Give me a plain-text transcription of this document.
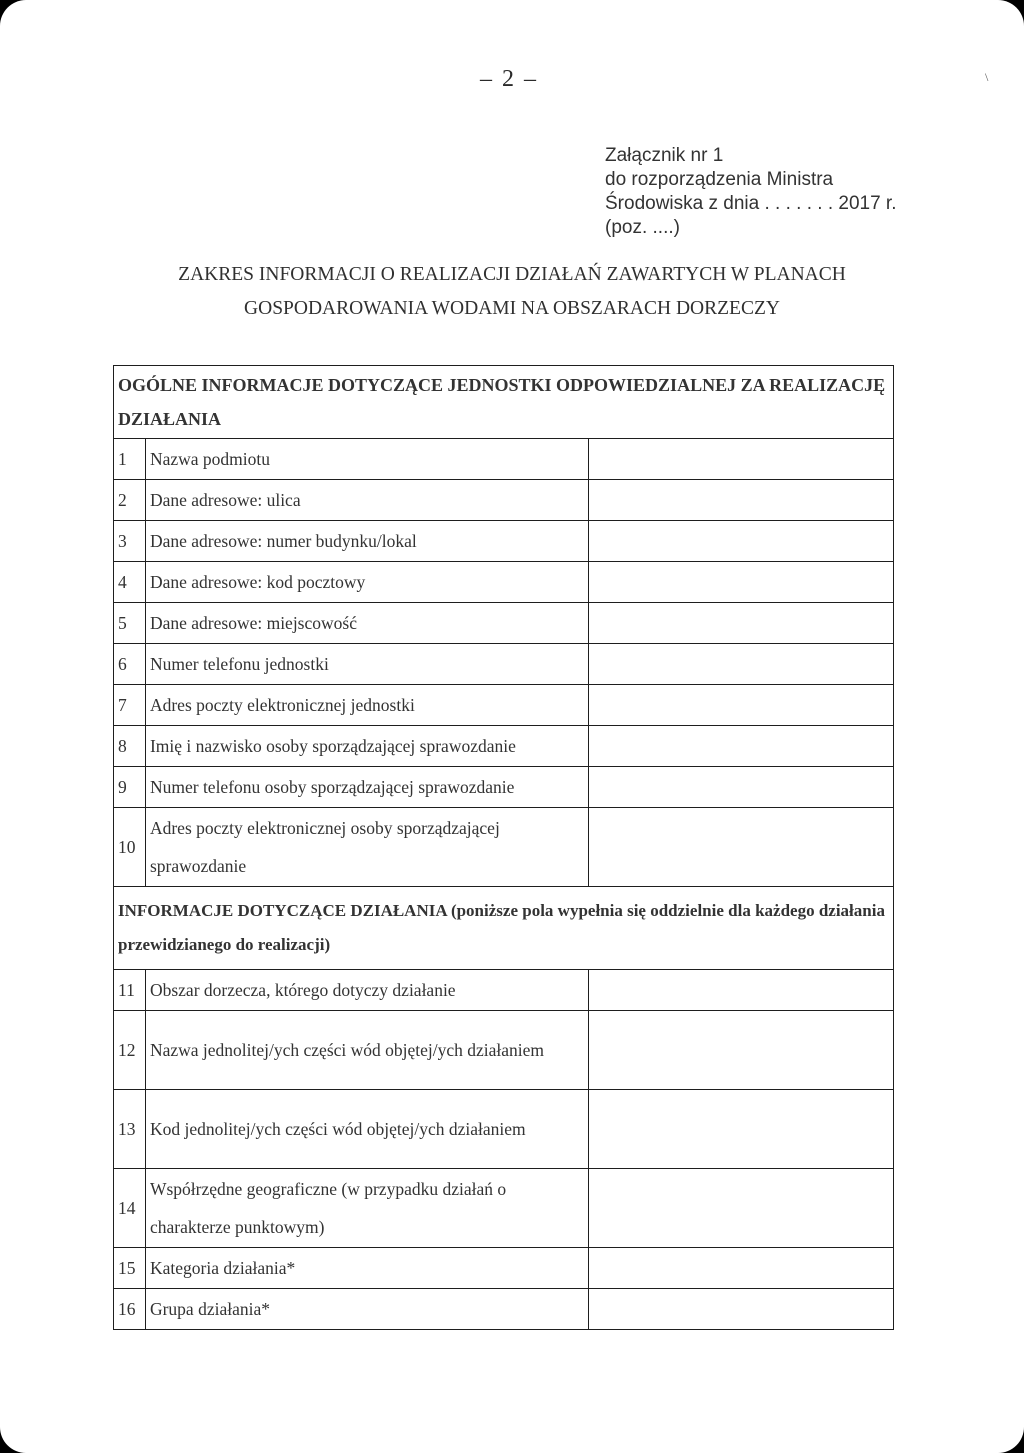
– 2 –	\
Załącznik nr 1
do rozporządzenia Ministra
Środowiska z dnia . . . . . . . 2017 r.
(poz. ....)
ZAKRES INFORMACJI O REALIZACJI DZIAŁAŃ ZAWARTYCH W PLANACH
GOSPODAROWANIA WODAMI NA OBSZARACH DORZECZY
OGÓLNE INFORMACJE DOTYCZĄCE JEDNOSTKI ODPOWIEDZIALNEJ ZA REALIZACJĘ DZIAŁANIA		
1	Nazwa podmiotu	
2	Dane adresowe: ulica	
3	Dane adresowe: numer budynku/lokal	
4	Dane adresowe: kod pocztowy	
5	Dane adresowe: miejscowość	
6	Numer telefonu jednostki	
7	Adres poczty elektronicznej jednostki	
8	Imię i nazwisko osoby sporządzającej sprawozdanie	
9	Numer telefonu osoby sporządzającej sprawozdanie	
10	Adres poczty elektronicznej osoby sporządzającej sprawozdanie	
INFORMACJE DOTYCZĄCE DZIAŁANIA (poniższe pola wypełnia się oddzielnie dla każdego działania przewidzianego do realizacji)		
11	Obszar dorzecza, którego dotyczy działanie	
12	Nazwa jednolitej/ych części wód objętej/ych działaniem	
13	Kod jednolitej/ych części wód objętej/ych działaniem	
14	Współrzędne geograficzne (w przypadku działań o charakterze punktowym)	
15	Kategoria działania*	
16	Grupa działania*	
